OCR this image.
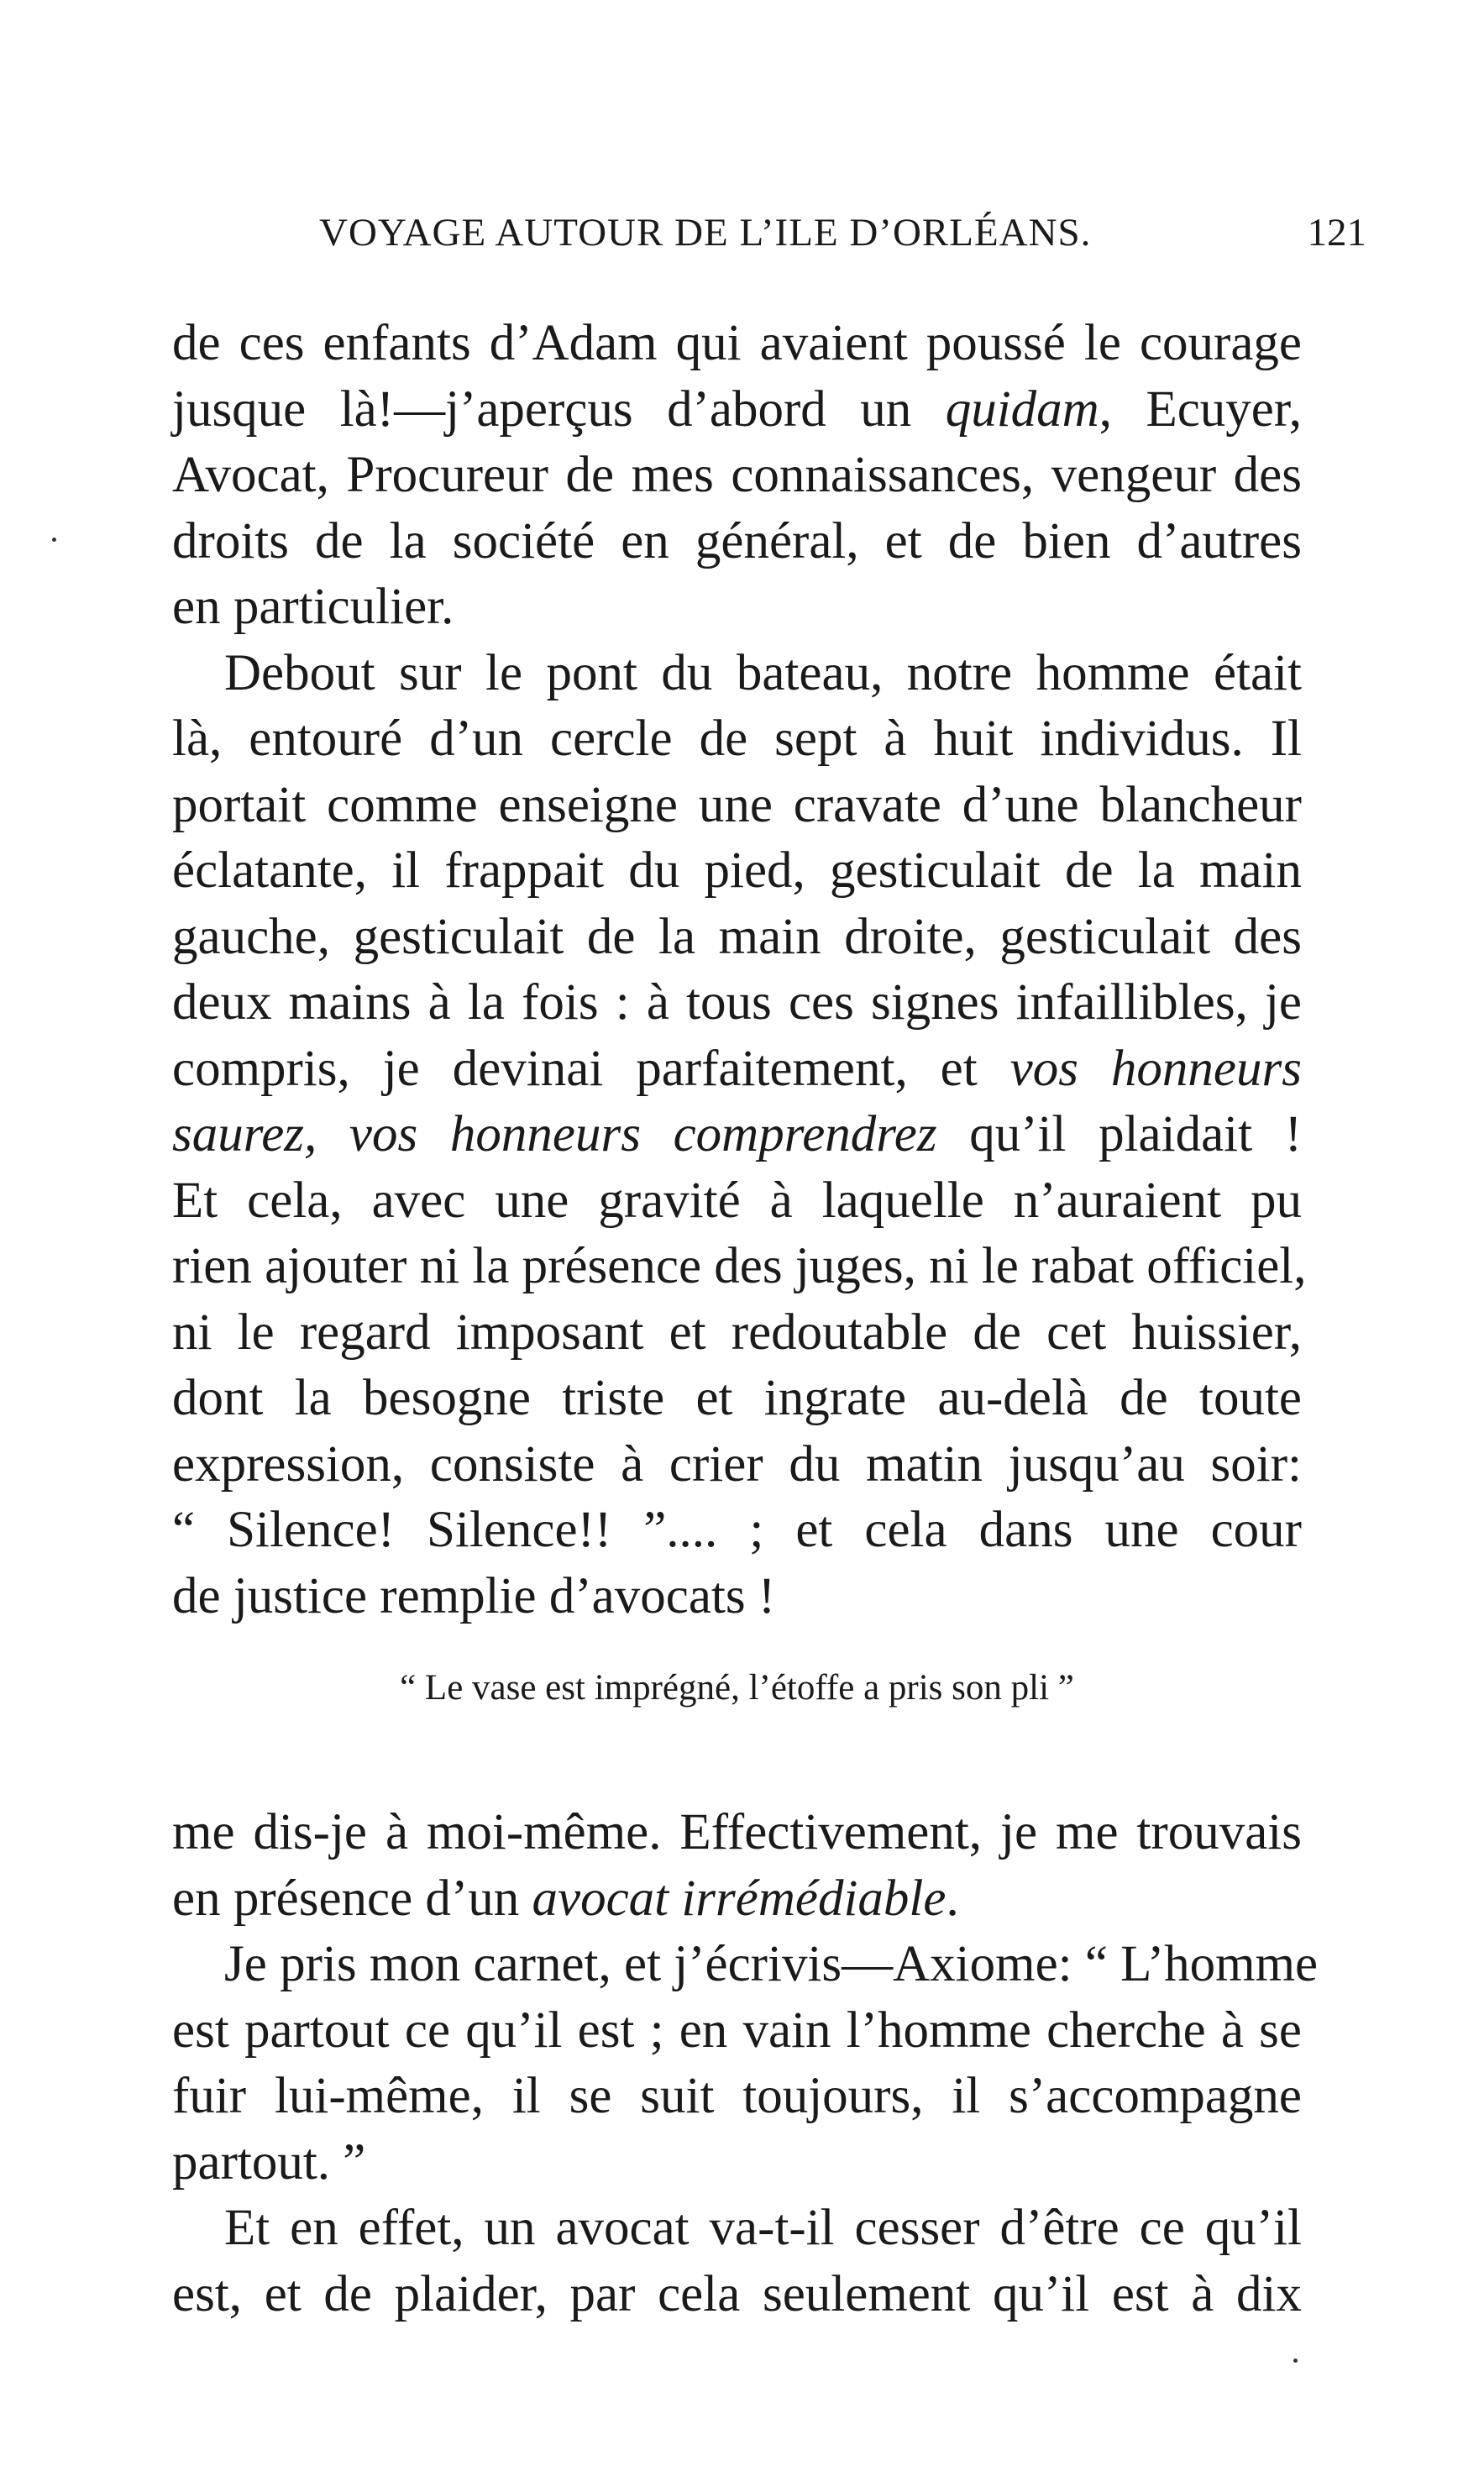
VOYAGE AUTOUR DE L’ILE D’ORLÉANS.	121
de ces enfants d’Adam qui avaient poussé le courage
jusque là!—j’aperçus d’abord un quidam, Ecuyer,
Avocat, Procureur de mes connaissances, vengeur des
droits de la société en général, et de bien d’autres
en particulier.
Debout sur le pont du bateau, notre homme était
là, entouré d’un cercle de sept à huit individus. Il
portait comme enseigne une cravate d’une blancheur
éclatante, il frappait du pied, gesticulait de la main
gauche, gesticulait de la main droite, gesticulait des
deux mains à la fois : à tous ces signes infaillibles, je
compris, je devinai parfaitement, et vos honneurs
saurez, vos honneurs comprendrez qu’il plaidait !
Et cela, avec une gravité à laquelle n’auraient pu
rien ajouter ni la présence des juges, ni le rabat officiel,
ni le regard imposant et redoutable de cet huissier,
dont la besogne triste et ingrate au-delà de toute
expression, consiste à crier du matin jusqu’au soir:
“ Silence! Silence!! ”.... ; et cela dans une cour
de justice remplie d’avocats !
“ Le vase est imprégné, l’étoffe a pris son pli ”
me dis-je à moi-même. Effectivement, je me trouvais
en présence d’un avocat irrémédiable.
Je pris mon carnet, et j’écrivis—Axiome: “ L’homme
est partout ce qu’il est ; en vain l’homme cherche à se
fuir lui-même, il se suit toujours, il s’accompagne
partout. ”
Et en effet, un avocat va-t-il cesser d’être ce qu’il
est, et de plaider, par cela seulement qu’il est à dix
